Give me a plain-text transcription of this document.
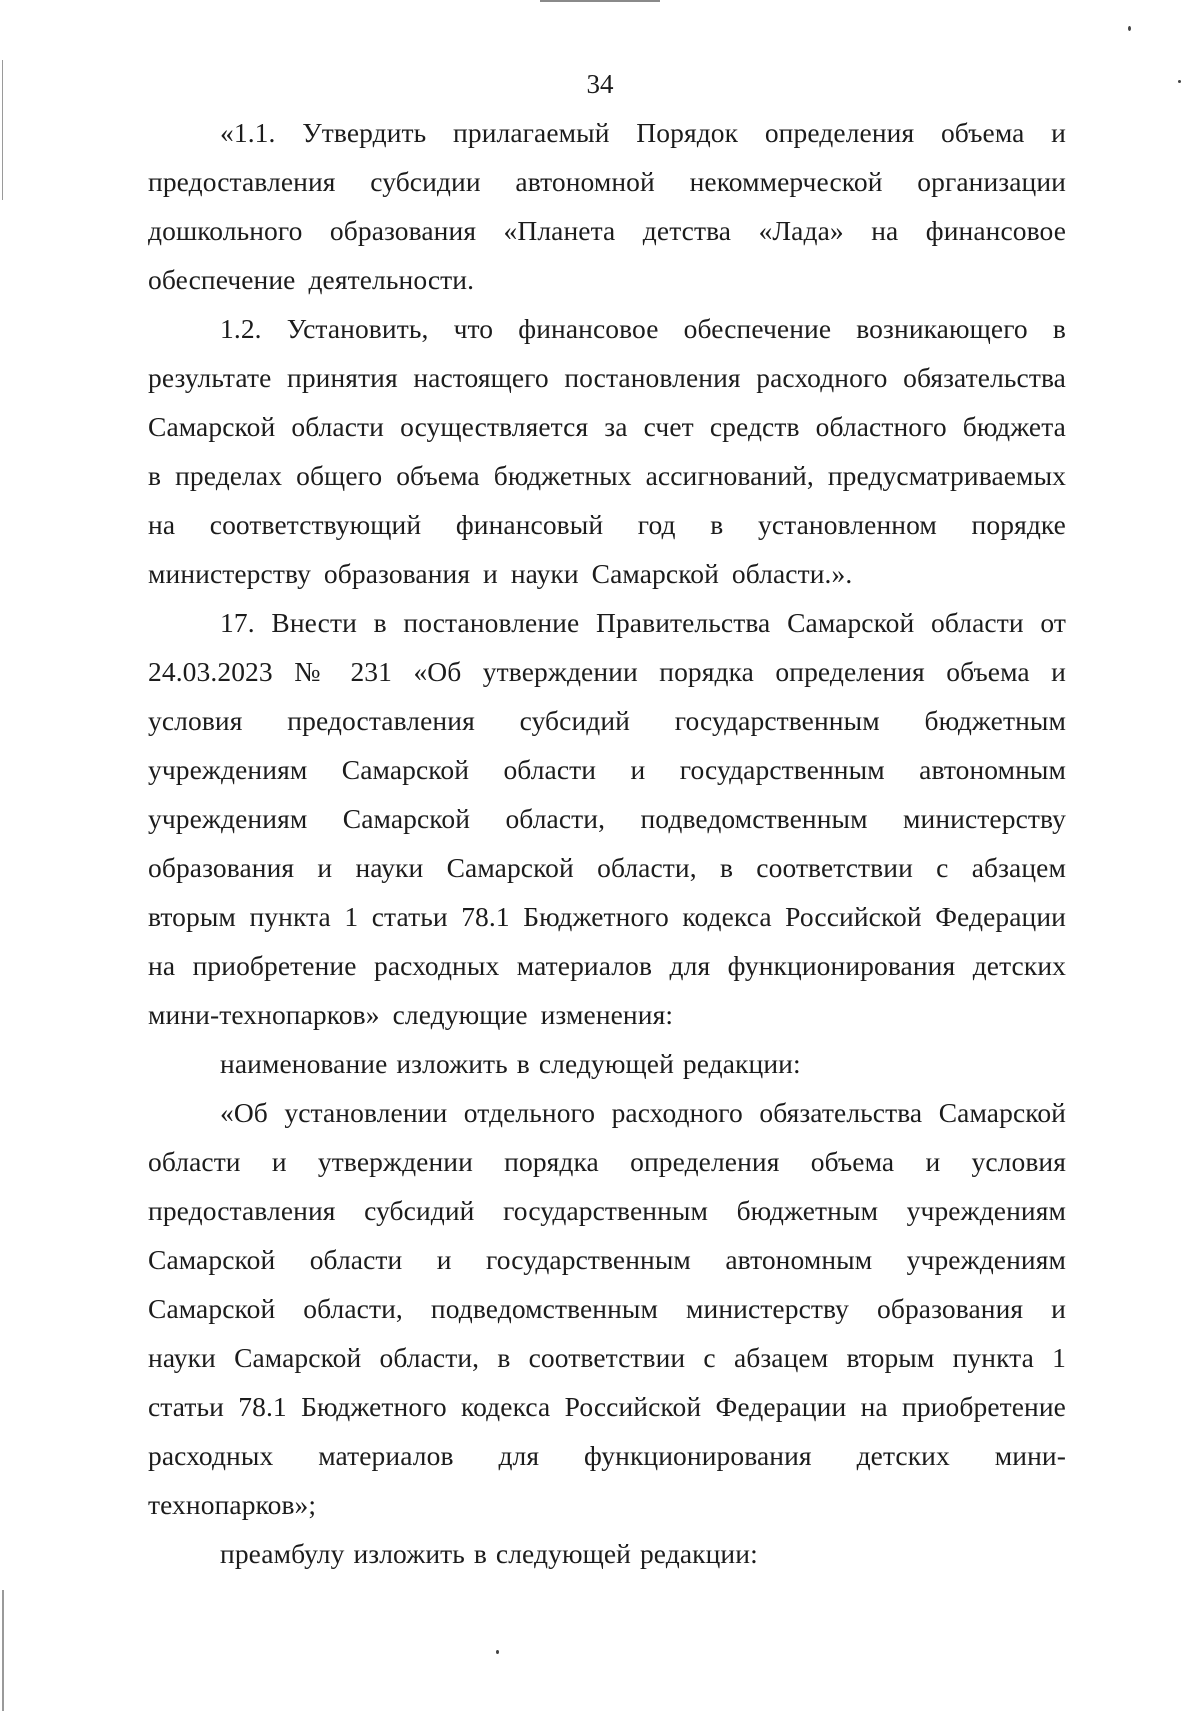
34

«1.1. Утвердить прилагаемый Порядок определения объема и предоставления субсидии автономной некоммерческой организации дошкольного образования «Планета детства «Лада» на финансовое обеспечение деятельности.

1.2. Установить, что финансовое обеспечение возникающего в результате принятия настоящего постановления расходного обязательства Самарской области осуществляется за счет средств областного бюджета в пределах общего объема бюджетных ассигнований, предусматриваемых на соответствующий финансовый год в установленном порядке министерству образования и науки Самарской области.».

17. Внести в постановление Правительства Самарской области от 24.03.2023 № 231 «Об утверждении порядка определения объема и условия предоставления субсидий государственным бюджетным учреждениям Самарской области и государственным автономным учреждениям Самарской области, подведомственным министерству образования и науки Самарской области, в соответствии с абзацем вторым пункта 1 статьи 78.1 Бюджетного кодекса Российской Федерации на приобретение расходных материалов для функционирования детских мини-технопарков» следующие изменения:

наименование изложить в следующей редакции:

«Об установлении отдельного расходного обязательства Самарской области и утверждении порядка определения объема и условия предоставления субсидий государственным бюджетным учреждениям Самарской области и государственным автономным учреждениям Самарской области, подведомственным министерству образования и науки Самарской области, в соответствии с абзацем вторым пункта 1 статьи 78.1 Бюджетного кодекса Российской Федерации на приобретение расходных материалов для функционирования детских мини-технопарков»;

преамбулу изложить в следующей редакции:
